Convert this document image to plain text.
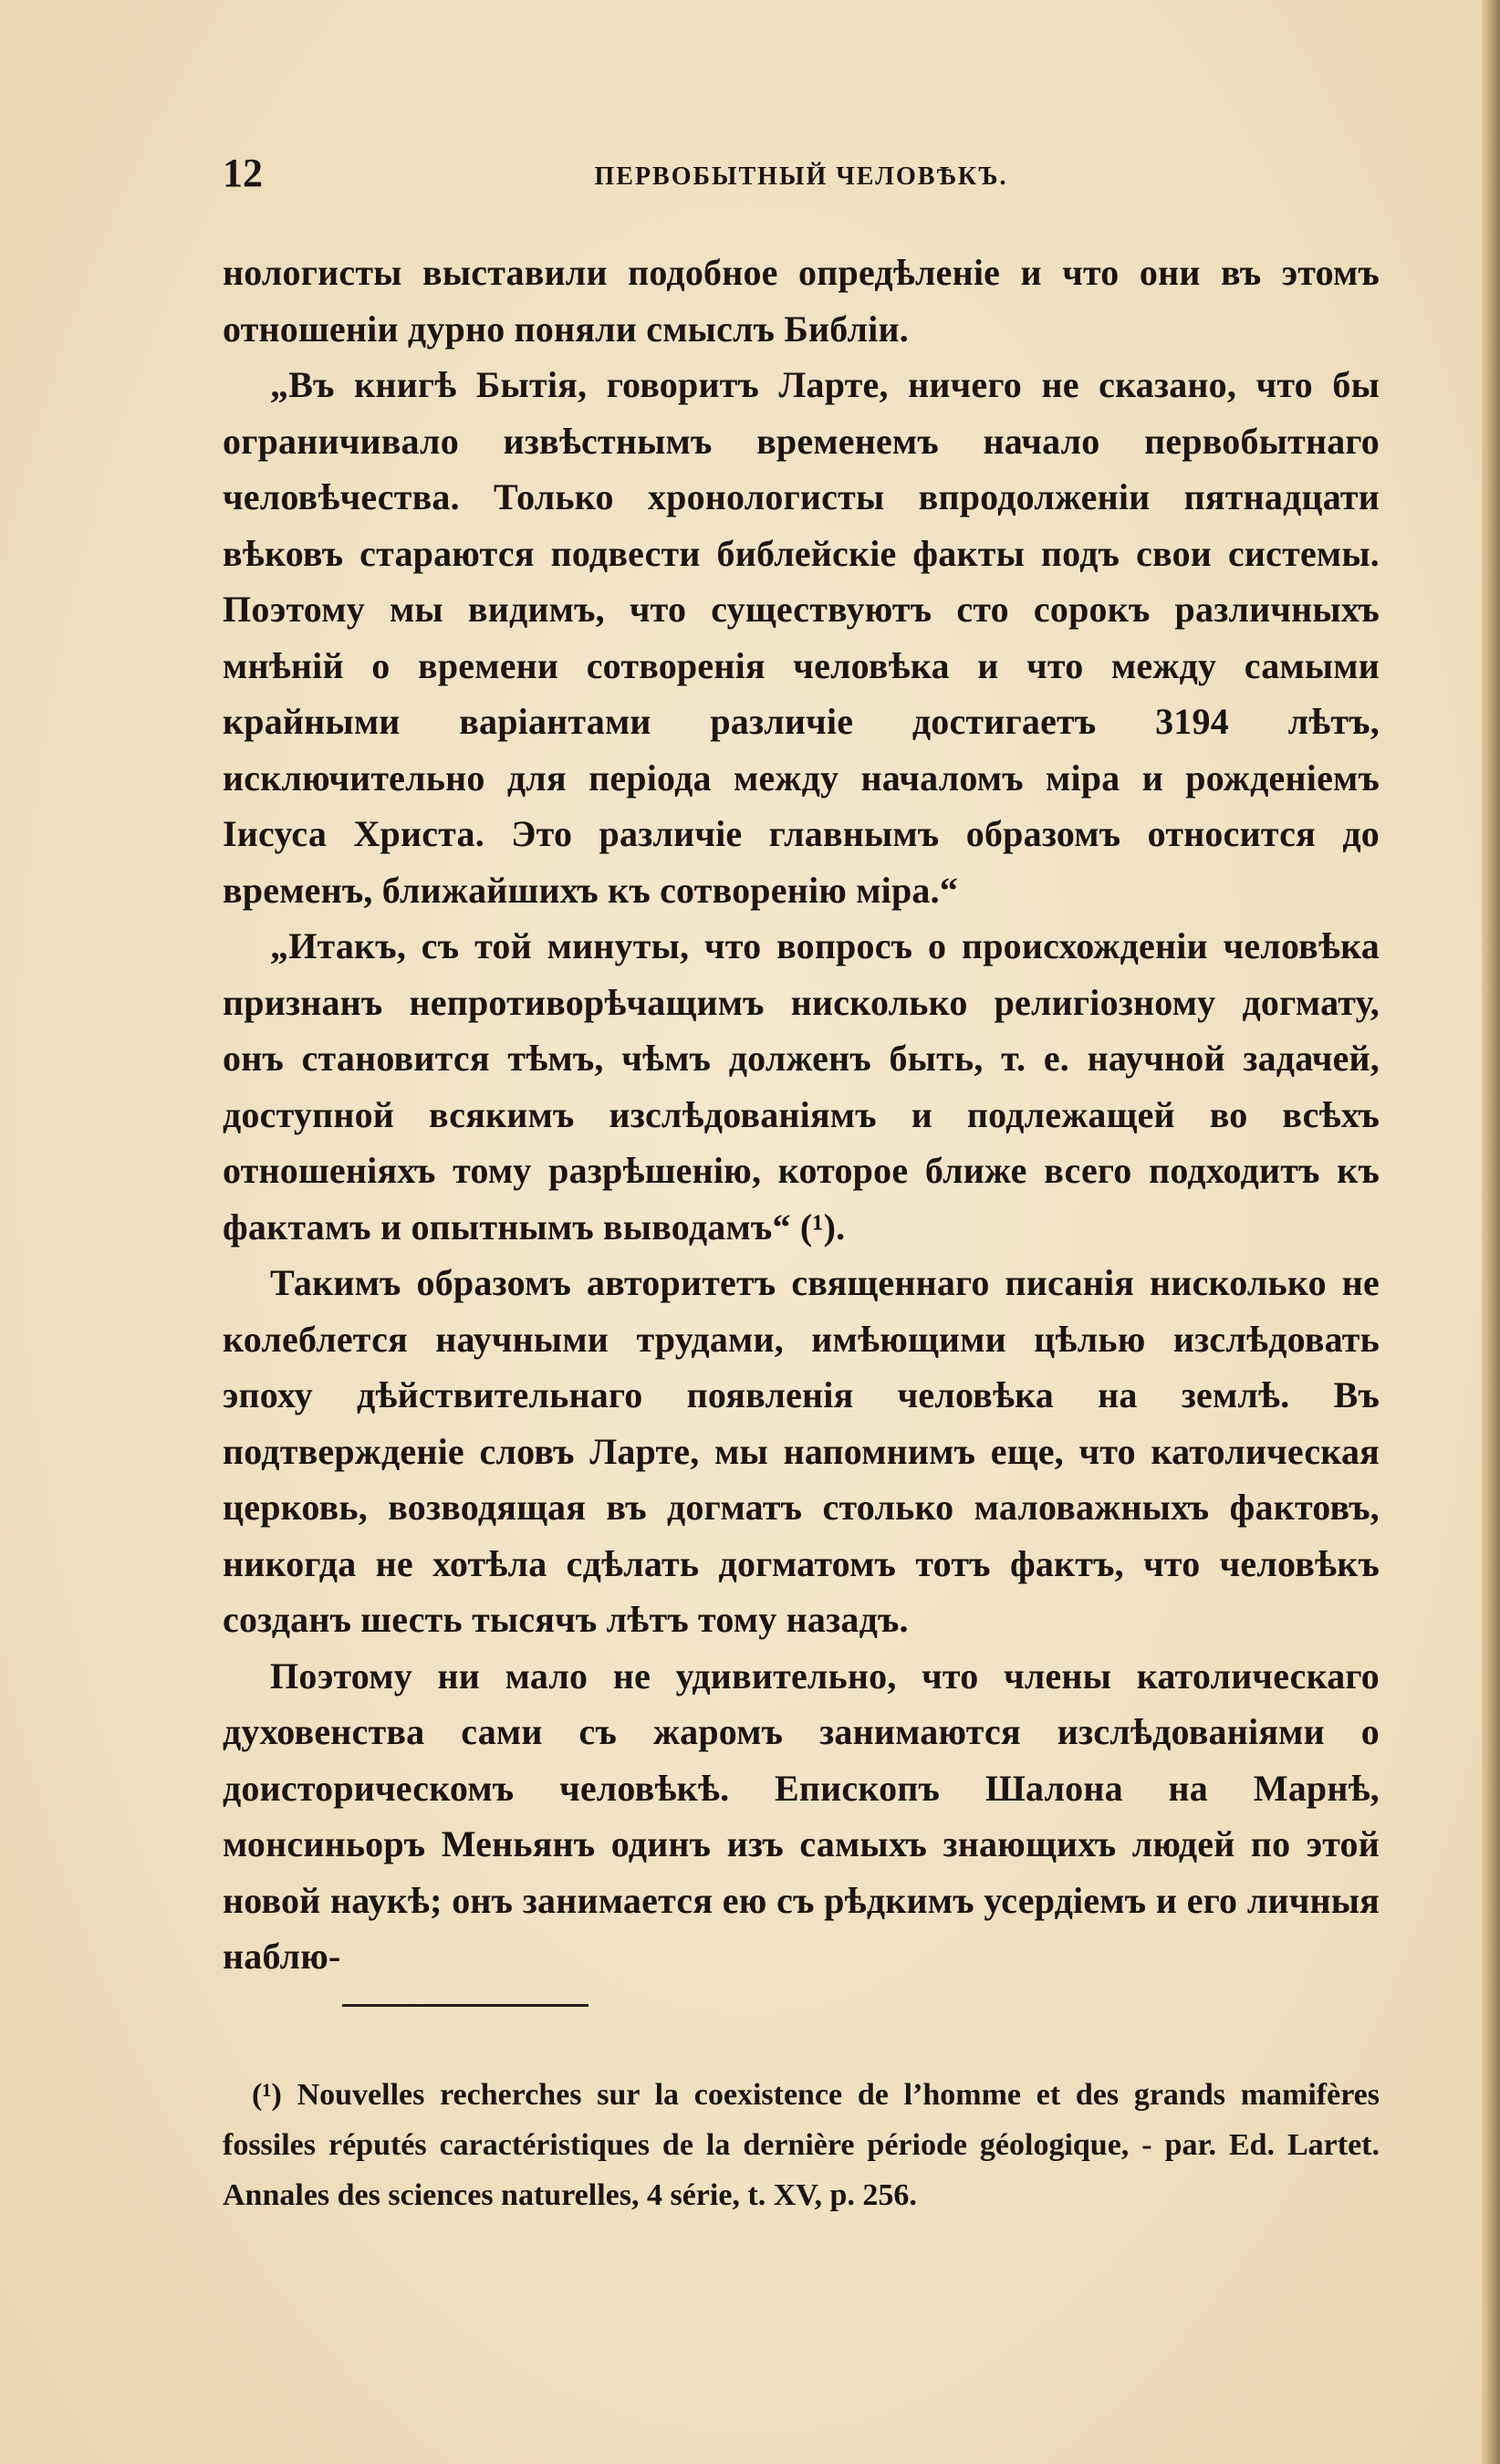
12	ПЕРВОБЫТНЫЙ ЧЕЛОВѢКЪ.

нологисты выставили подобное опредѣленіе и что они въ этомъ отношеніи дурно поняли смыслъ Библіи.

„Въ книгѣ Бытія, говоритъ Ларте, ничего не сказано, что бы ограничивало извѣстнымъ временемъ начало первобытнаго человѣчества. Только хронологисты впродолженіи пятнадцати вѣковъ стараются подвести библейскіе факты подъ свои системы. Поэтому мы видимъ, что существуютъ сто сорокъ различныхъ мнѣній о времени сотворенія человѣка и что между самыми крайными варіантами различіе достигаетъ 3194 лѣтъ, исключительно для періода между началомъ міра и рожденіемъ Іисуса Христа. Это различіе главнымъ образомъ относится до временъ, ближайшихъ къ сотворенію міра.“

„Итакъ, съ той минуты, что вопросъ о происхожденіи человѣка признанъ непротиворѣчащимъ нисколько религіозному догмату, онъ становится тѣмъ, чѣмъ долженъ быть, т. е. научной задачей, доступной всякимъ изслѣдованіямъ и подлежащей во всѣхъ отношеніяхъ тому разрѣшенію, которое ближе всего подходитъ къ фактамъ и опытнымъ выводамъ“ (¹).

Такимъ образомъ авторитетъ священнаго писанія нисколько не колеблется научными трудами, имѣющими цѣлью изслѣдовать эпоху дѣйствительнаго появленія человѣка на землѣ. Въ подтвержденіе словъ Ларте, мы напомнимъ еще, что католическая церковь, возводящая въ догматъ столько маловажныхъ фактовъ, никогда не хотѣла сдѣлать догматомъ тотъ фактъ, что человѣкъ созданъ шесть тысячъ лѣтъ тому назадъ.

Поэтому ни мало не удивительно, что члены католическаго духовенства сами съ жаромъ занимаются изслѣдованіями о доисторическомъ человѣкѣ. Епископъ Шалона на Марнѣ, монсиньоръ Меньянъ одинъ изъ самыхъ знающихъ людей по этой новой наукѣ; онъ занимается ею съ рѣдкимъ усердіемъ и его личныя наблю-

(¹) Nouvelles recherches sur la coexistence de l’homme et des grands mamifères fossiles réputés caractéristiques de la dernière période géologique, - par. Ed. Lartet. Annales des sciences naturelles, 4 série, t. XV, p. 256.
